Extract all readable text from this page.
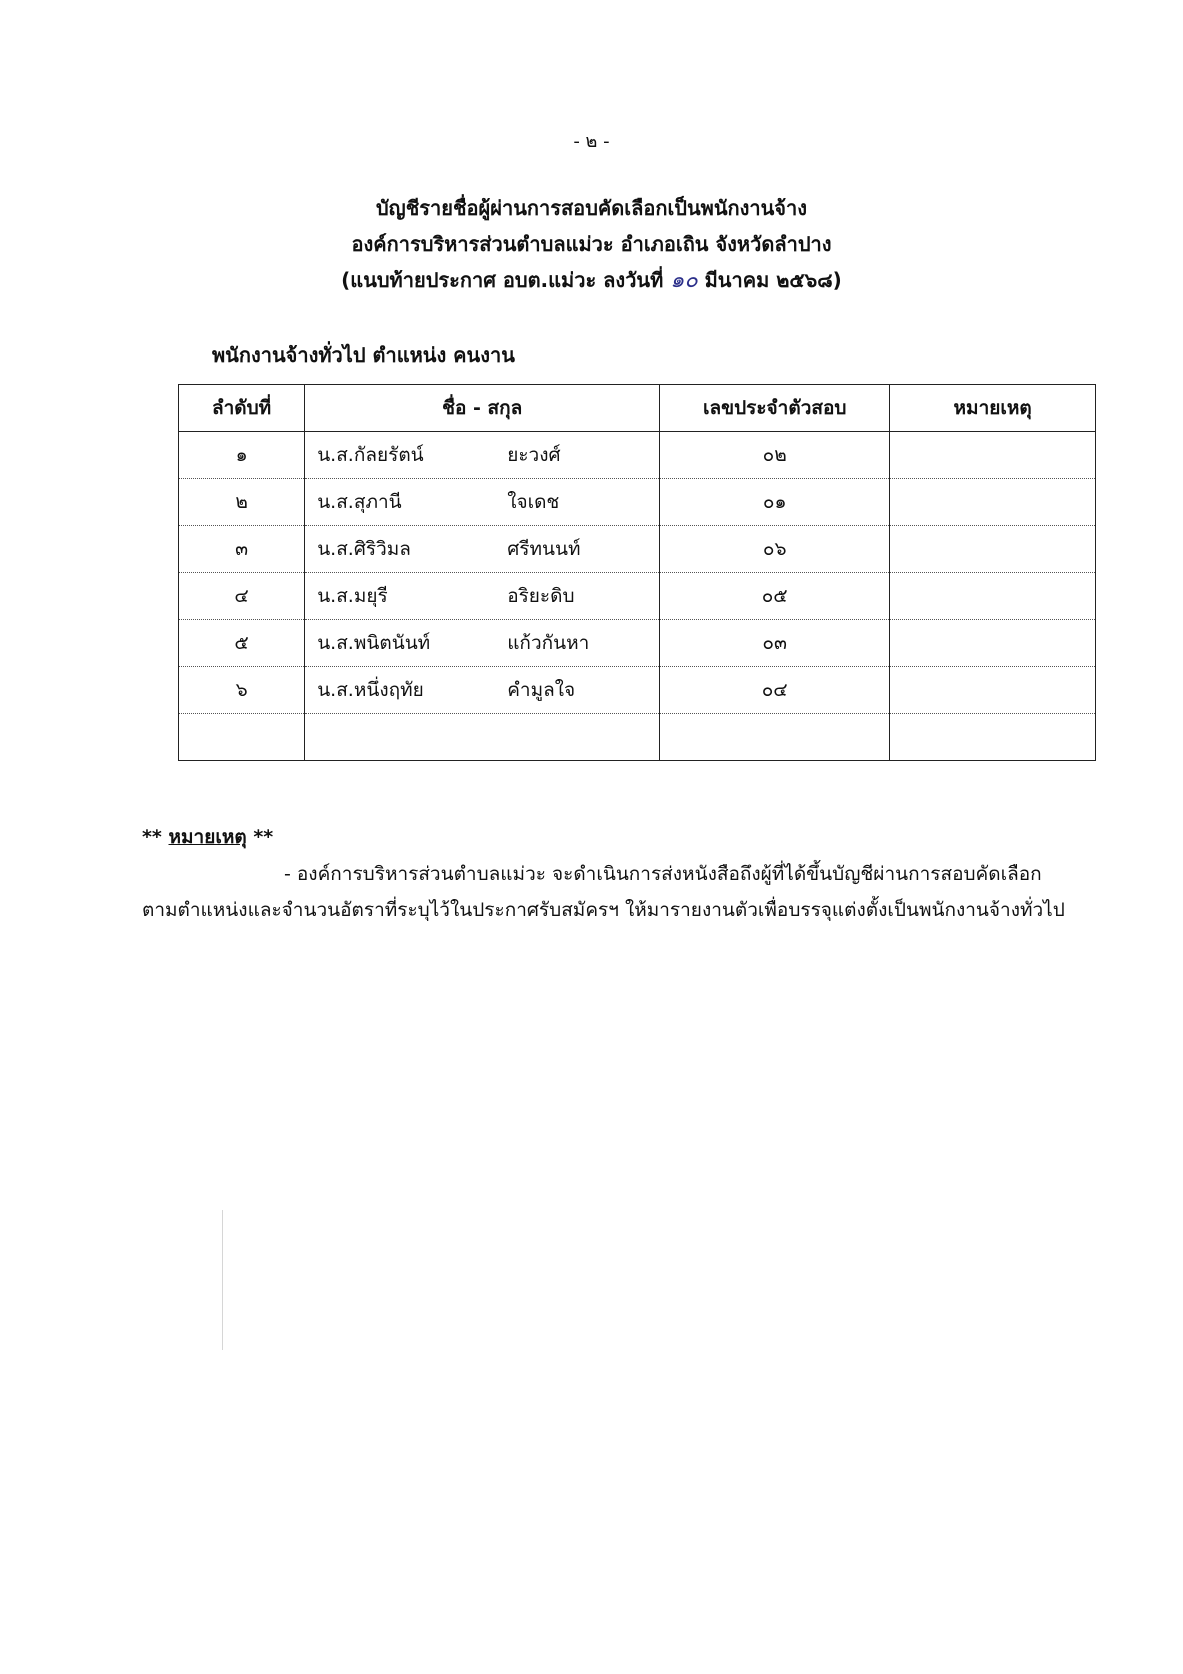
- ๒ -
บัญชีรายชื่อผู้ผ่านการสอบคัดเลือกเป็นพนักงานจ้าง
องค์การบริหารส่วนตำบลแม่วะ อำเภอเถิน จังหวัดลำปาง
(แนบท้ายประกาศ อบต.แม่วะ ลงวันที่ ๑๐ มีนาคม ๒๕๖๘)
พนักงานจ้างทั่วไป ตำแหน่ง คนงาน
ลำดับที่	ชื่อ - สกุล	เลขประจำตัวสอบ	หมายเหตุ
๑	น.ส.กัลยรัตน์ ยะวงศ์	๐๒	
๒	น.ส.สุภานี ใจเดช	๐๑	
๓	น.ส.ศิริวิมล ศรีทนนท์	๐๖	
๔	น.ส.มยุรี อริยะดิบ	๐๕	
๕	น.ส.พนิตนันท์ แก้วกันหา	๐๓	
๖	น.ส.หนึ่งฤทัย คำมูลใจ	๐๔	

** หมายเหตุ **
- องค์การบริหารส่วนตำบลแม่วะ จะดำเนินการส่งหนังสือถึงผู้ที่ได้ขึ้นบัญชีผ่านการสอบคัดเลือก ตามตำแหน่งและจำนวนอัตราที่ระบุไว้ในประกาศรับสมัครฯ ให้มารายงานตัวเพื่อบรรจุแต่งตั้งเป็นพนักงานจ้างทั่วไป
